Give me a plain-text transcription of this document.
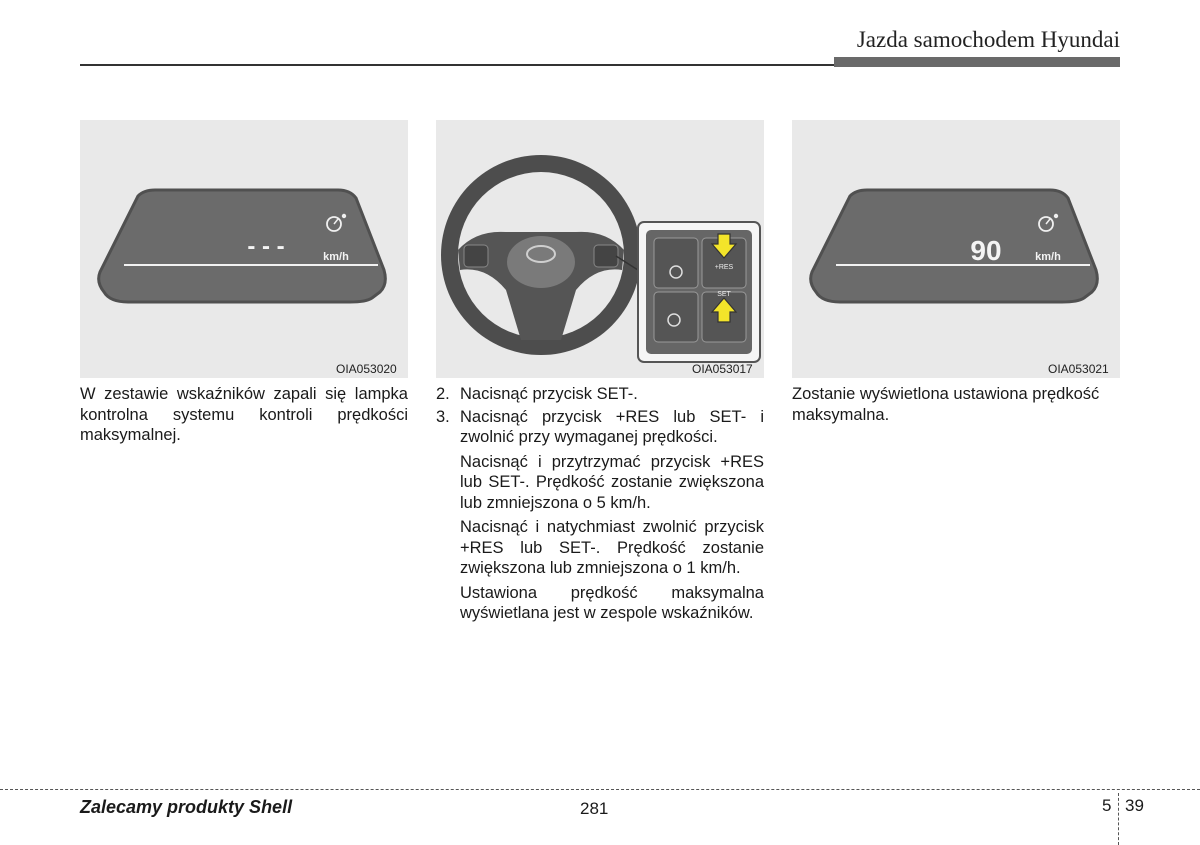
Jazda samochodem Hyundai
- - -	km/h
OIA053020
+RES
SET
OIA053017
90	km/h
OIA053021
W zestawie wskaźników zapali się lampka kontrolna systemu kontroli prędkości maksymalnej.
2. Nacisnąć przycisk SET-.
3. Nacisnąć przycisk +RES lub SET- i zwolnić przy wymaganej prędkości.

Nacisnąć i przytrzymać przycisk +RES lub SET-. Prędkość zostanie zwiększona lub zmniejszona o 5 km/h.

Nacisnąć i natychmiast zwolnić przycisk +RES lub SET-. Prędkość zostanie zwiększona lub zmniejszona o 1 km/h.

Ustawiona prędkość maksymalna wyświetlana jest w zespole wskaźników.

Zostanie wyświetlona ustawiona prędkość maksymalna.
Zalecamy produkty Shell	281	5 39
